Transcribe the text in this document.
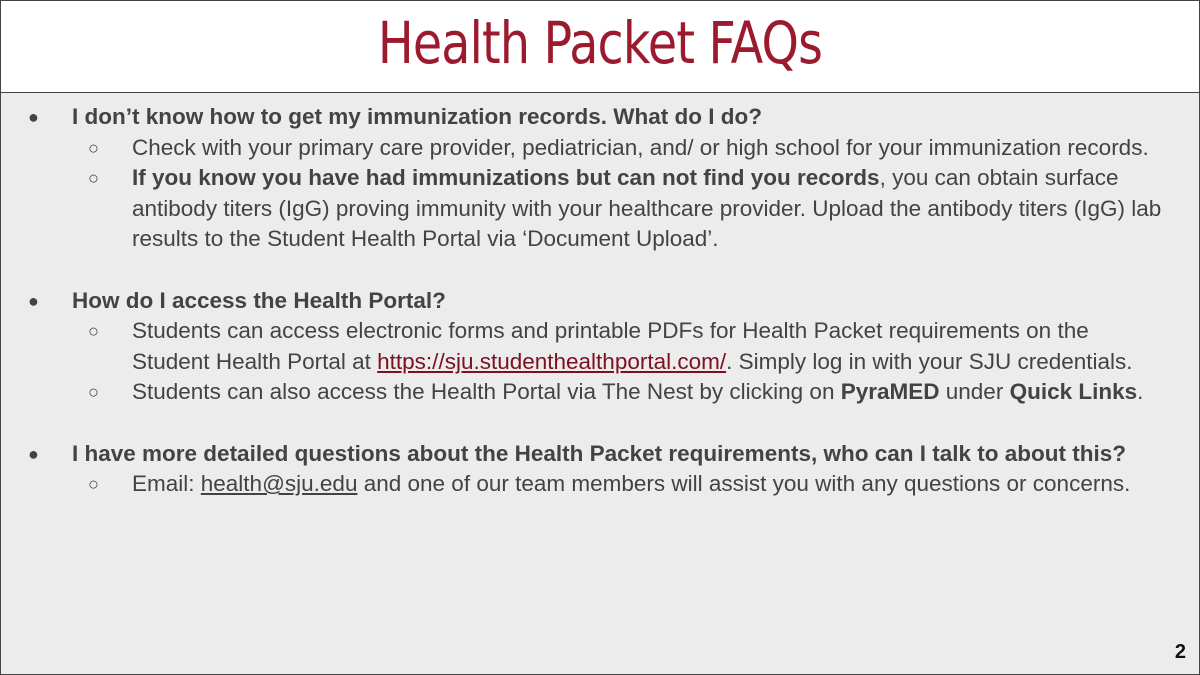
Health Packet FAQs
● I don’t know how to get my immunization records. What do I do?
○ Check with your primary care provider, pediatrician, and/ or high school for your immunization records.
○ If you know you have had immunizations but can not find you records, you can obtain surface antibody titers (IgG) proving immunity with your healthcare provider. Upload the antibody titers (IgG) lab results to the Student Health Portal via ‘Document Upload’.
● How do I access the Health Portal?
○ Students can access electronic forms and printable PDFs for Health Packet requirements on the Student Health Portal at https://sju.studenthealthportal.com/. Simply log in with your SJU credentials.
○ Students can also access the Health Portal via The Nest by clicking on PyraMED under Quick Links.
● I have more detailed questions about the Health Packet requirements, who can I talk to about this?
○ Email: health@sju.edu and one of our team members will assist you with any questions or concerns.
2
